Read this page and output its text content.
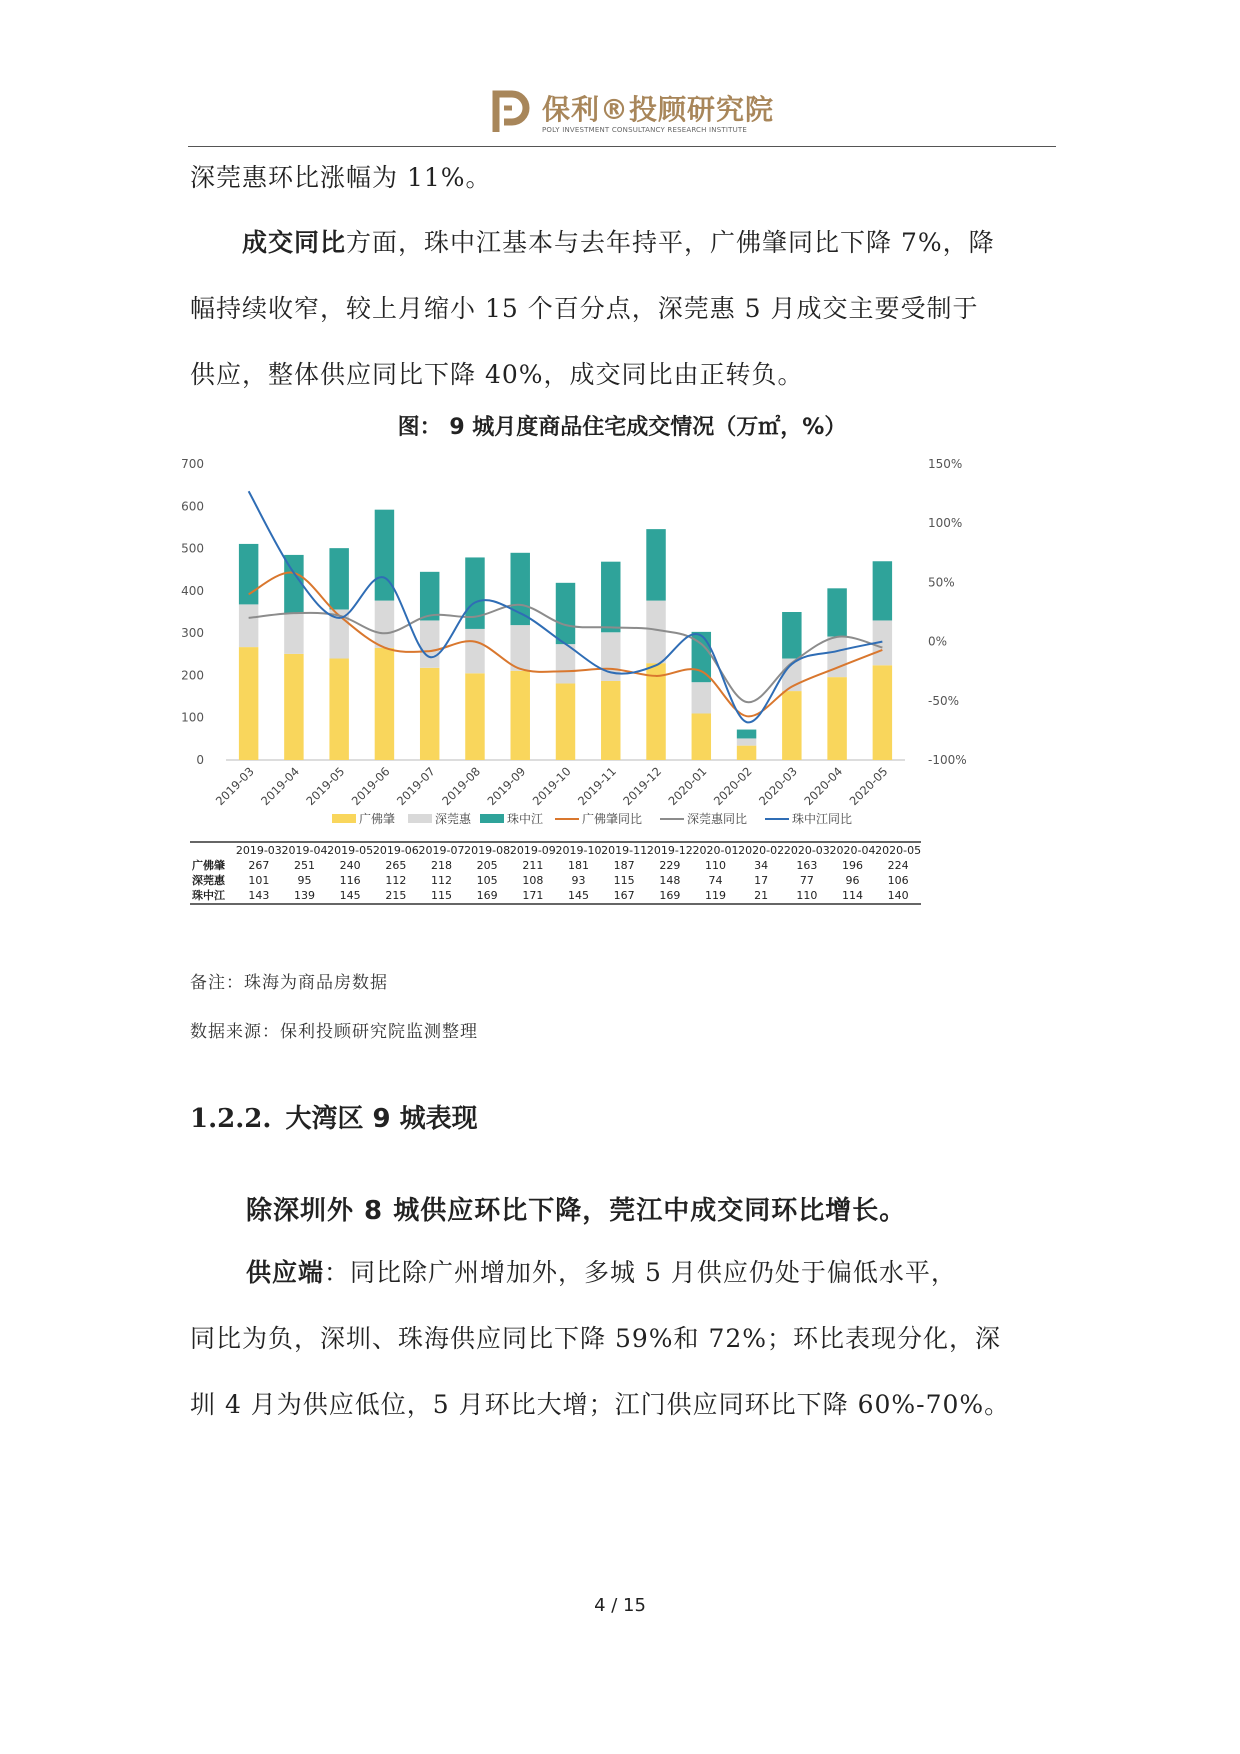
保利®投顾研究院
POLY INVESTMENT CONSULTANCY RESEARCH INSTITUTE
深莞惠环比涨幅为 11%。
成交同比方面，珠中江基本与去年持平，广佛肇同比下降 7%，降
幅持续收窄，较上月缩小 15 个百分点，深莞惠 5 月成交主要受制于
供应，整体供应同比下降 40%，成交同比由正转负。
图： 9 城月度商品住宅成交情况（万㎡，%）
700
600
500
400
300
200
100
0
150%
100%
50%
0%
-50%
-100%
2019-03 2019-04 2019-05 2019-06 2019-07 2019-08 2019-09 2019-10 2019-11 2019-12 2020-01 2020-02 2020-03 2020-04 2020-05
广佛肇	深莞惠	珠中江	广佛肇同比	深莞惠同比	珠中江同比
2019-03 2019-04 2019-05 2019-06 2019-07 2019-08 2019-09 2019-10 2019-11 2019-12 2020-01 2020-02 2020-03 2020-04 2020-05
广佛肇 267 251 240 265 218 205 211 181 187 229 110	34	163 196 224
深莞惠 101	95	116 112 112 105 108	93	115 148	74	17	77	96	106
珠中江 143 139 145 215 115 169 171 145 167 169 119	21	110 114 140
备注：珠海为商品房数据
数据来源：保利投顾研究院监测整理
1.2.2. 大湾区 9 城表现
除深圳外 8 城供应环比下降，莞江中成交同环比增长。
供应端：同比除广州增加外，多城 5 月供应仍处于偏低水平，
同比为负，深圳、珠海供应同比下降 59%和 72%；环比表现分化，深
圳 4 月为供应低位，5 月环比大增；江门供应同环比下降 60%-70%。
4 / 15
